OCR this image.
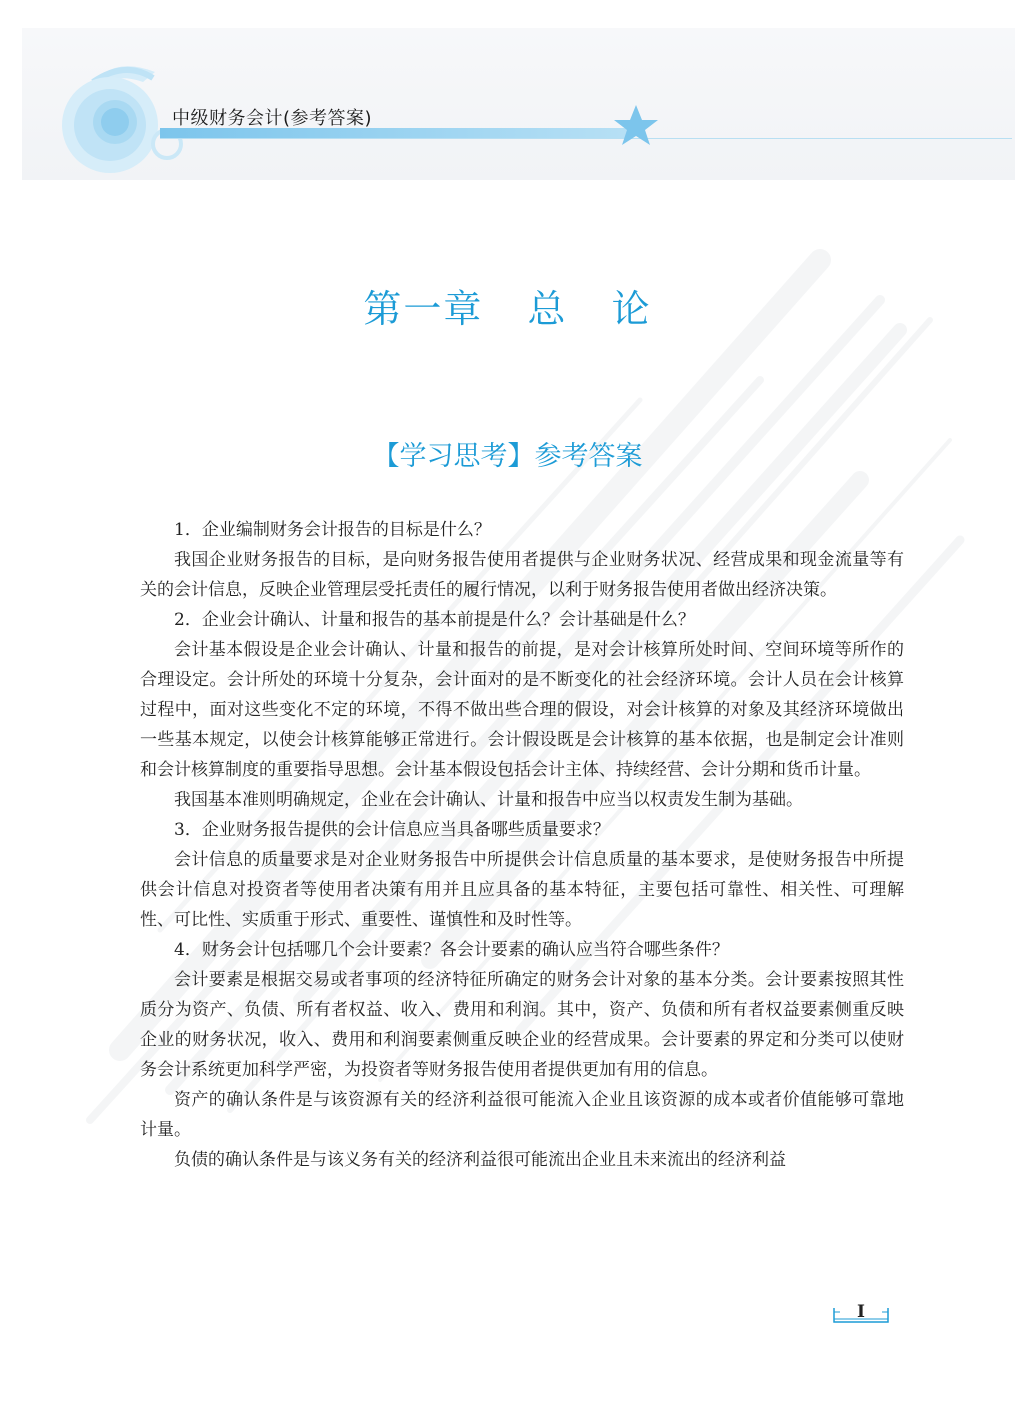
中级财务会计(参考答案)
第一章 总 论
【学习思考】参考答案

1．企业编制财务会计报告的目标是什么？

我国企业财务报告的目标，是向财务报告使用者提供与企业财务状况、经营成果和现金流量等有关的会计信息，反映企业管理层受托责任的履行情况，以利于财务报告使用者做出经济决策。

2．企业会计确认、计量和报告的基本前提是什么？会计基础是什么？

会计基本假设是企业会计确认、计量和报告的前提，是对会计核算所处时间、空间环境等所作的合理设定。会计所处的环境十分复杂，会计面对的是不断变化的社会经济环境。会计人员在会计核算过程中，面对这些变化不定的环境，不得不做出些合理的假设，对会计核算的对象及其经济环境做出一些基本规定，以使会计核算能够正常进行。会计假设既是会计核算的基本依据，也是制定会计准则和会计核算制度的重要指导思想。会计基本假设包括会计主体、持续经营、会计分期和货币计量。

我国基本准则明确规定，企业在会计确认、计量和报告中应当以权责发生制为基础。

3．企业财务报告提供的会计信息应当具备哪些质量要求？

会计信息的质量要求是对企业财务报告中所提供会计信息质量的基本要求，是使财务报告中所提供会计信息对投资者等使用者决策有用并且应具备的基本特征，主要包括可靠性、相关性、可理解性、可比性、实质重于形式、重要性、谨慎性和及时性等。

4．财务会计包括哪几个会计要素？各会计要素的确认应当符合哪些条件？

会计要素是根据交易或者事项的经济特征所确定的财务会计对象的基本分类。会计要素按照其性质分为资产、负债、所有者权益、收入、费用和利润。其中，资产、负债和所有者权益要素侧重反映企业的财务状况，收入、费用和利润要素侧重反映企业的经营成果。会计要素的界定和分类可以使财务会计系统更加科学严密，为投资者等财务报告使用者提供更加有用的信息。

资产的确认条件是与该资源有关的经济利益很可能流入企业且该资源的成本或者价值能够可靠地计量。

负债的确认条件是与该义务有关的经济利益很可能流出企业且未来流出的经济利益

I
